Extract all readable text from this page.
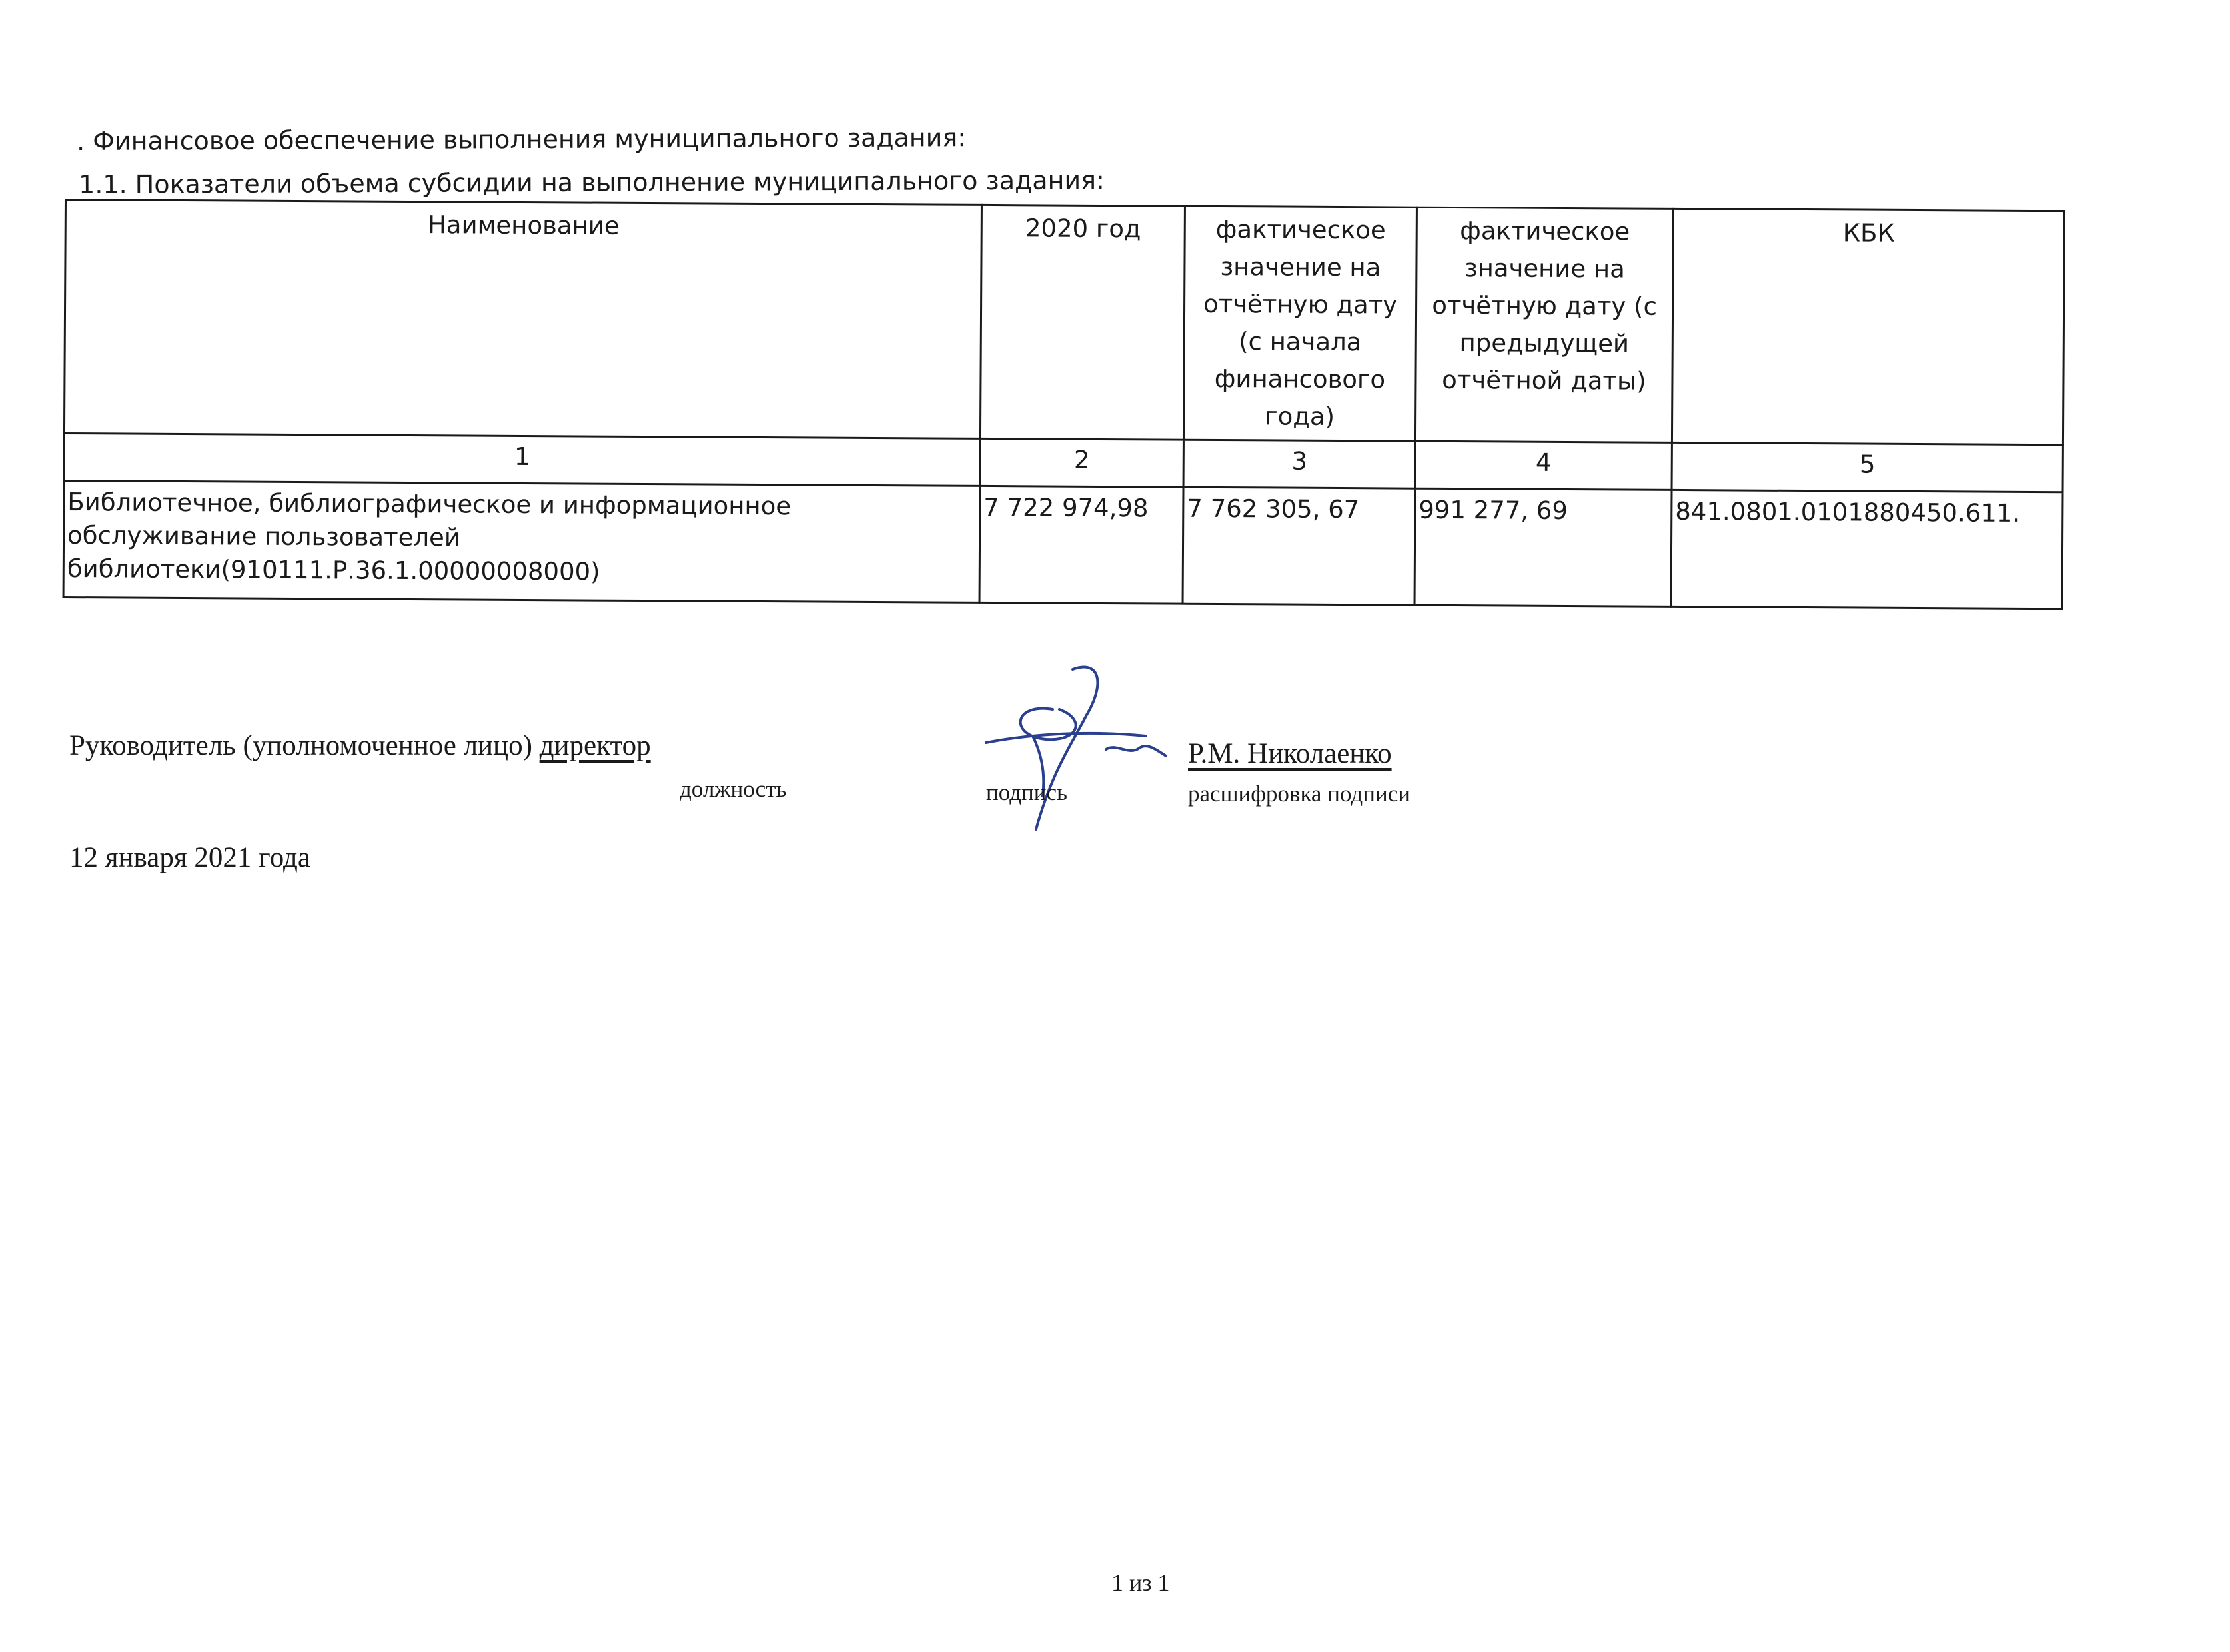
. Финансовое обеспечение выполнения муниципального задания:
1.1. Показатели объема субсидии на выполнение муниципального задания:
Наименование	2020 год	фактическое значение на отчётную дату (с начала финансового года)	фактическое значение на отчётную дату (с предыдущей отчётной даты)	КБК
1	2	3	4	5
Библиотечное, библиографическое и информационное обслуживание пользователей библиотеки(910111.Р.36.1.00000008000)	7 722 974,98	7 762 305, 67	991 277, 69	841.0801.0101880450.611.
Руководитель (уполномоченное лицо) директор
должность	подпись
Р.М. Николаенко
расшифровка подписи
12 января 2021 года
1 из 1
